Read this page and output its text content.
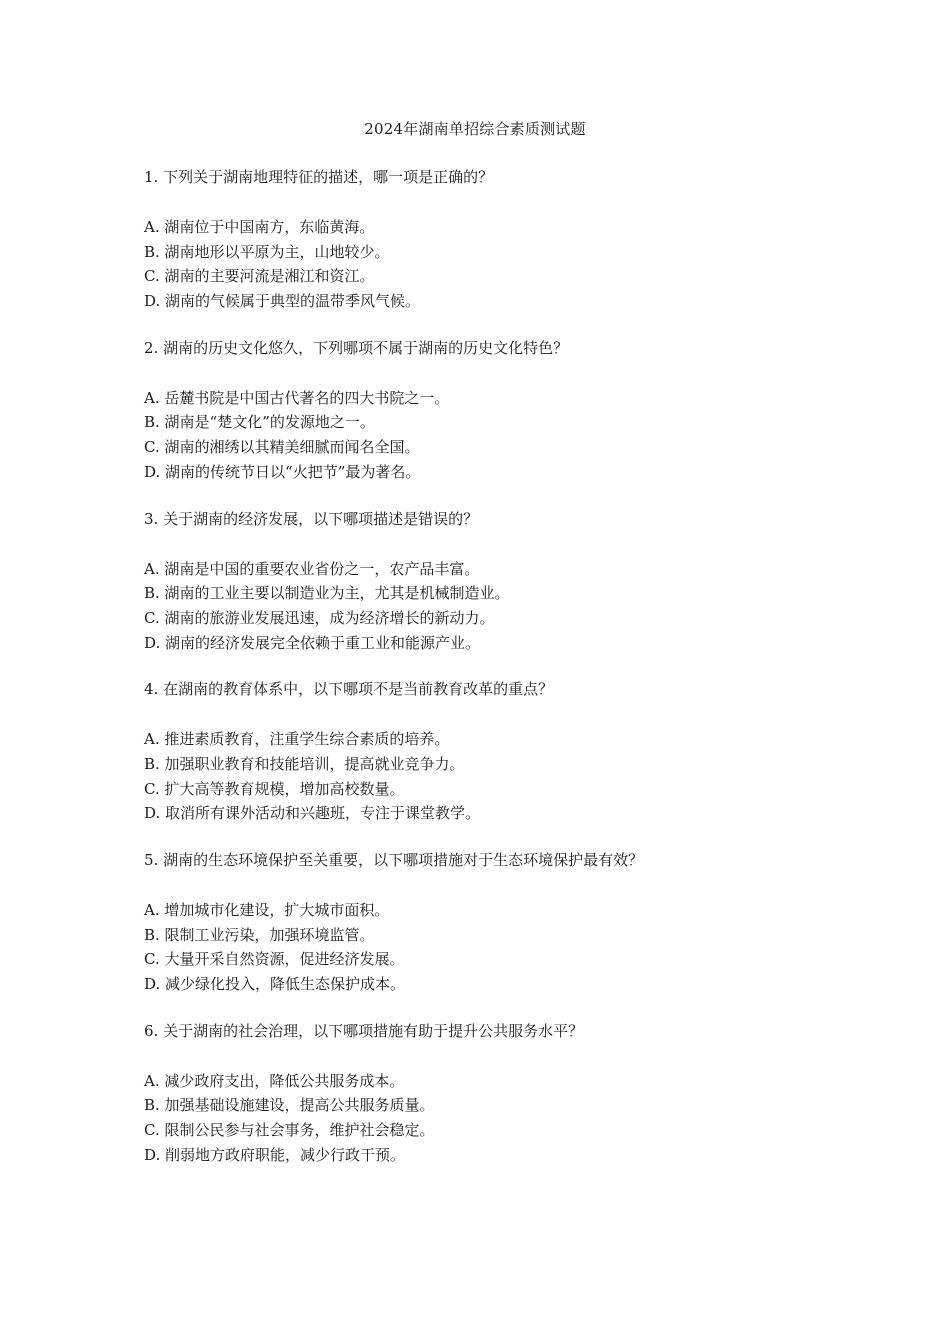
2024年湖南单招综合素质测试题
1. 下列关于湖南地理特征的描述，哪一项是正确的？
A. 湖南位于中国南方，东临黄海。
B. 湖南地形以平原为主，山地较少。
C. 湖南的主要河流是湘江和资江。
D. 湖南的气候属于典型的温带季风气候。
2. 湖南的历史文化悠久，下列哪项不属于湖南的历史文化特色？
A. 岳麓书院是中国古代著名的四大书院之一。
B. 湖南是“楚文化”的发源地之一。
C. 湖南的湘绣以其精美细腻而闻名全国。
D. 湖南的传统节日以“火把节”最为著名。
3. 关于湖南的经济发展，以下哪项描述是错误的？
A. 湖南是中国的重要农业省份之一，农产品丰富。
B. 湖南的工业主要以制造业为主，尤其是机械制造业。
C. 湖南的旅游业发展迅速，成为经济增长的新动力。
D. 湖南的经济发展完全依赖于重工业和能源产业。
4. 在湖南的教育体系中，以下哪项不是当前教育改革的重点？
A. 推进素质教育，注重学生综合素质的培养。
B. 加强职业教育和技能培训，提高就业竞争力。
C. 扩大高等教育规模，增加高校数量。
D. 取消所有课外活动和兴趣班，专注于课堂教学。
5. 湖南的生态环境保护至关重要，以下哪项措施对于生态环境保护最有效？
A. 增加城市化建设，扩大城市面积。
B. 限制工业污染，加强环境监管。
C. 大量开采自然资源，促进经济发展。
D. 减少绿化投入，降低生态保护成本。
6. 关于湖南的社会治理，以下哪项措施有助于提升公共服务水平？
A. 减少政府支出，降低公共服务成本。
B. 加强基础设施建设，提高公共服务质量。
C. 限制公民参与社会事务，维护社会稳定。
D. 削弱地方政府职能，减少行政干预。
